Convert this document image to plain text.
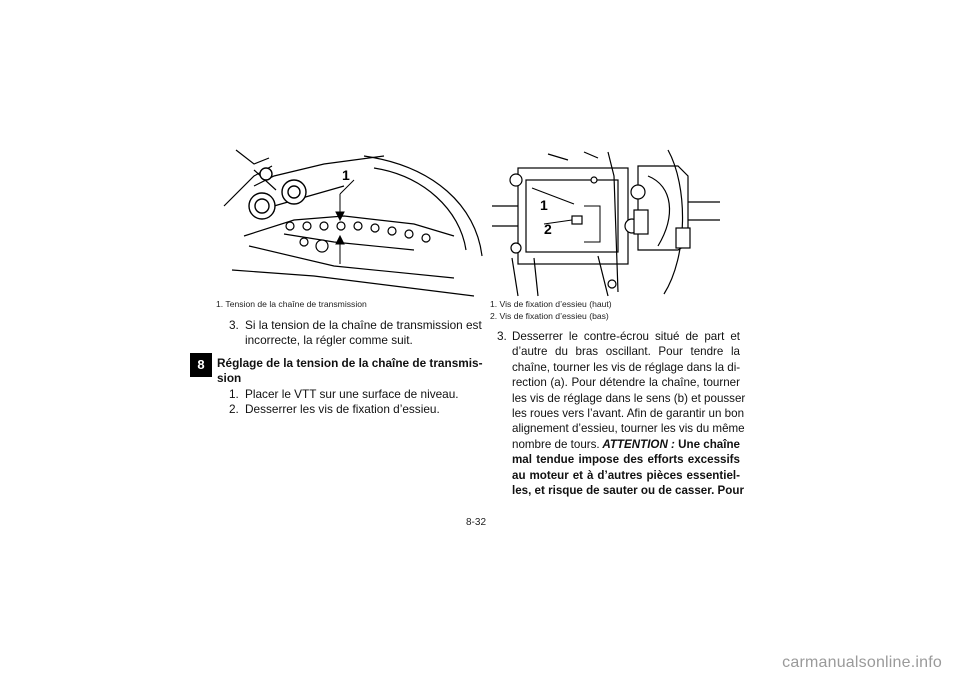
1
1. Tension de la chaîne de transmission
1
2
1. Vis de fixation d’essieu (haut)
2. Vis de fixation d’essieu (bas)
8
3. Si la tension de la chaîne de transmission est
incorrecte, la régler comme suit.
Réglage de la tension de la chaîne de transmis-
sion
1. Placer le VTT sur une surface de niveau.
2. Desserrer les vis de fixation d’essieu.
3. Desserrer le contre-écrou situé de part et
d’autre du bras oscillant. Pour tendre la
chaîne, tourner les vis de réglage dans la di-
rection (a). Pour détendre la chaîne, tourner
les vis de réglage dans le sens (b) et pousser
les roues vers l’avant. Afin de garantir un bon
alignement d’essieu, tourner les vis du même
nombre de tours. ATTENTION : Une chaîne
mal tendue impose des efforts excessifs
au moteur et à d’autres pièces essentiel-
les, et risque de sauter ou de casser. Pour
8-32
carmanualsonline.info
